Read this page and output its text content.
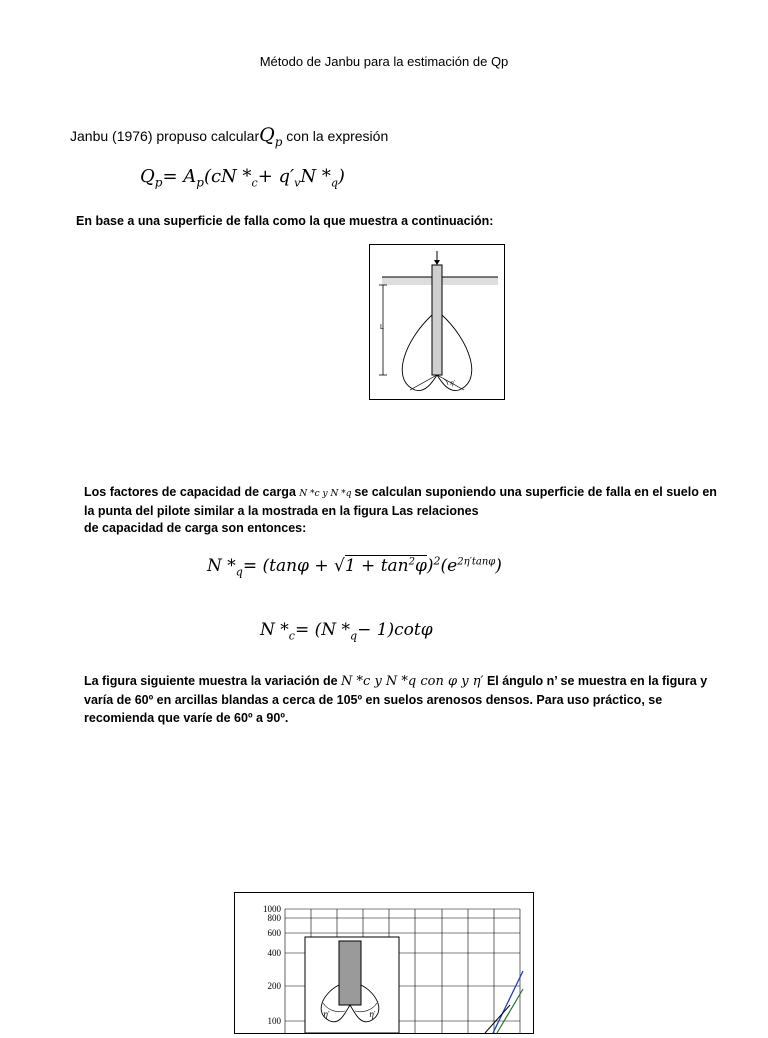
Método de Janbu para la estimación de Qp
Janbu (1976) propuso calcularQ$_p$ con la expresión
$Q_p= A_p(cN$ $*_c+ q'_vN$ $*_q$)
En base a una superficie de falla como la que muestra a continuación:
L
η′
Los factores de capacidad de carga N *c y N *q se calculan suponiendo una superficie de falla en el suelo en la punta del pilote similar a la mostrada en la figura Las relaciones
de capacidad de carga son entonces:
N $*_q= (\tan\varphi + √1 + \tan^2\varphi)^2(e^{2\eta'tan\varphi})$
N $*_c= (N$ $*_q- 1)\cot\varphi$
La figura siguiente muestra la variación de N *c y N *q con φ y η′ El ángulo n’ se muestra en la figura y varía de 60º en arcillas blandas a cerca de 105º en suelos arenosos densos. Para uso práctico, se recomienda que varíe de 60º a 90º.
1000
800
600
400
200
100
η′	η′
